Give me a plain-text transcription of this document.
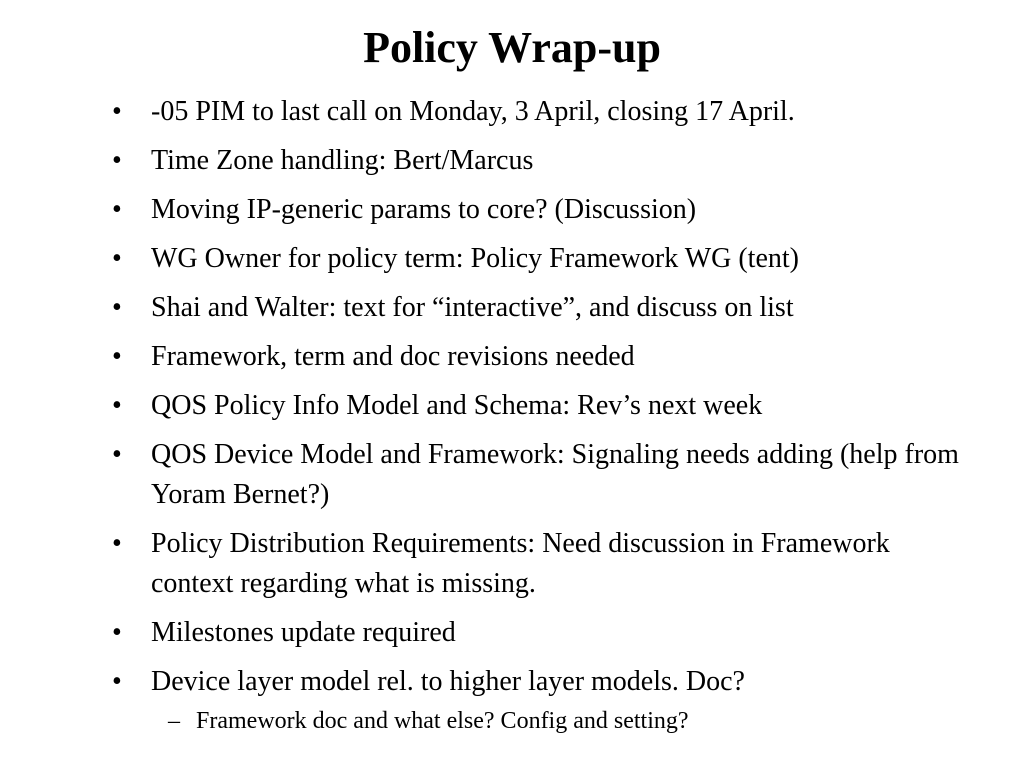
Policy Wrap-up
• -05 PIM to last call on Monday, 3 April, closing 17 April.
• Time Zone handling: Bert/Marcus
• Moving IP-generic params to core? (Discussion)
• WG Owner for policy term: Policy Framework WG (tent)
• Shai and Walter: text for “interactive”, and discuss on list
• Framework, term and doc revisions needed
• QOS Policy Info Model and Schema: Rev’s next week
• QOS Device Model and Framework: Signaling needs adding (help from Yoram Bernet?)
• Policy Distribution Requirements: Need discussion in Framework context regarding what is missing.
• Milestones update required
• Device layer model rel. to higher layer models. Doc?
– Framework doc and what else? Config and setting?
